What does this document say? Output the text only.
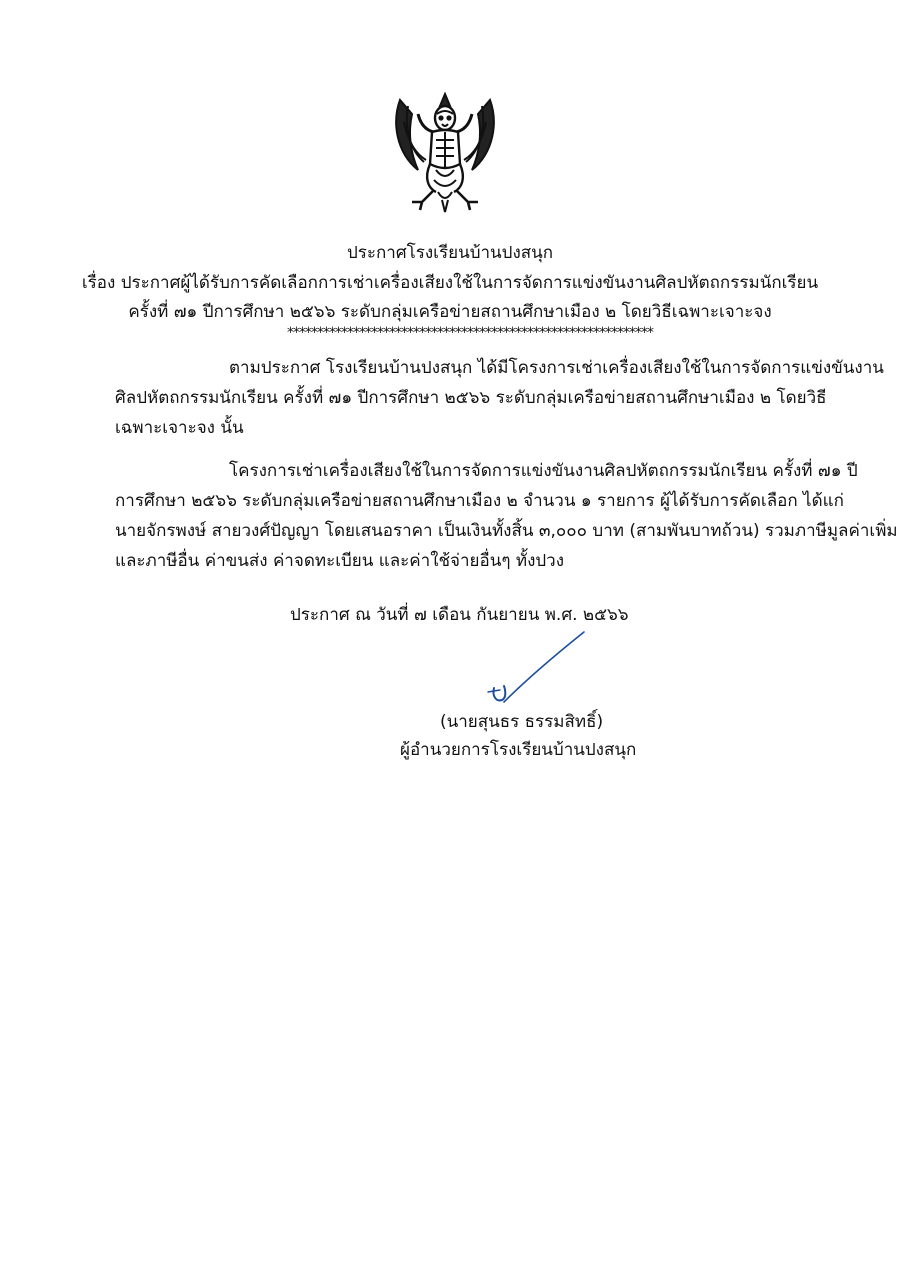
ประกาศโรงเรียนบ้านปงสนุก
เรื่อง ประกาศผู้ได้รับการคัดเลือกการเช่าเครื่องเสียงใช้ในการจัดการแข่งขันงานศิลปหัตถกรรมนักเรียน
ครั้งที่ ๗๑ ปีการศึกษา ๒๕๖๖ ระดับกลุ่มเครือข่ายสถานศึกษาเมือง ๒ โดยวิธีเฉพาะเจาะจง
*************************************************************
ตามประกาศ โรงเรียนบ้านปงสนุก ได้มีโครงการเช่าเครื่องเสียงใช้ในการจัดการแข่งขันงาน
ศิลปหัตถกรรมนักเรียน ครั้งที่ ๗๑ ปีการศึกษา ๒๕๖๖ ระดับกลุ่มเครือข่ายสถานศึกษาเมือง ๒ โดยวิธี
เฉพาะเจาะจง นั้น
โครงการเช่าเครื่องเสียงใช้ในการจัดการแข่งขันงานศิลปหัตถกรรมนักเรียน ครั้งที่ ๗๑ ปี
การศึกษา ๒๕๖๖ ระดับกลุ่มเครือข่ายสถานศึกษาเมือง ๒ จำนวน ๑ รายการ ผู้ได้รับการคัดเลือก ได้แก่
นายจักรพงษ์ สายวงศ์ปัญญา โดยเสนอราคา เป็นเงินทั้งสิ้น ๓,๐๐๐ บาท (สามพันบาทถ้วน) รวมภาษีมูลค่าเพิ่ม
และภาษีอื่น ค่าขนส่ง ค่าจดทะเบียน และค่าใช้จ่ายอื่นๆ ทั้งปวง
ประกาศ ณ วันที่ ๗ เดือน กันยายน พ.ศ. ๒๕๖๖
(นายสุนธร ธรรมสิทธิ์)
ผู้อำนวยการโรงเรียนบ้านปงสนุก
